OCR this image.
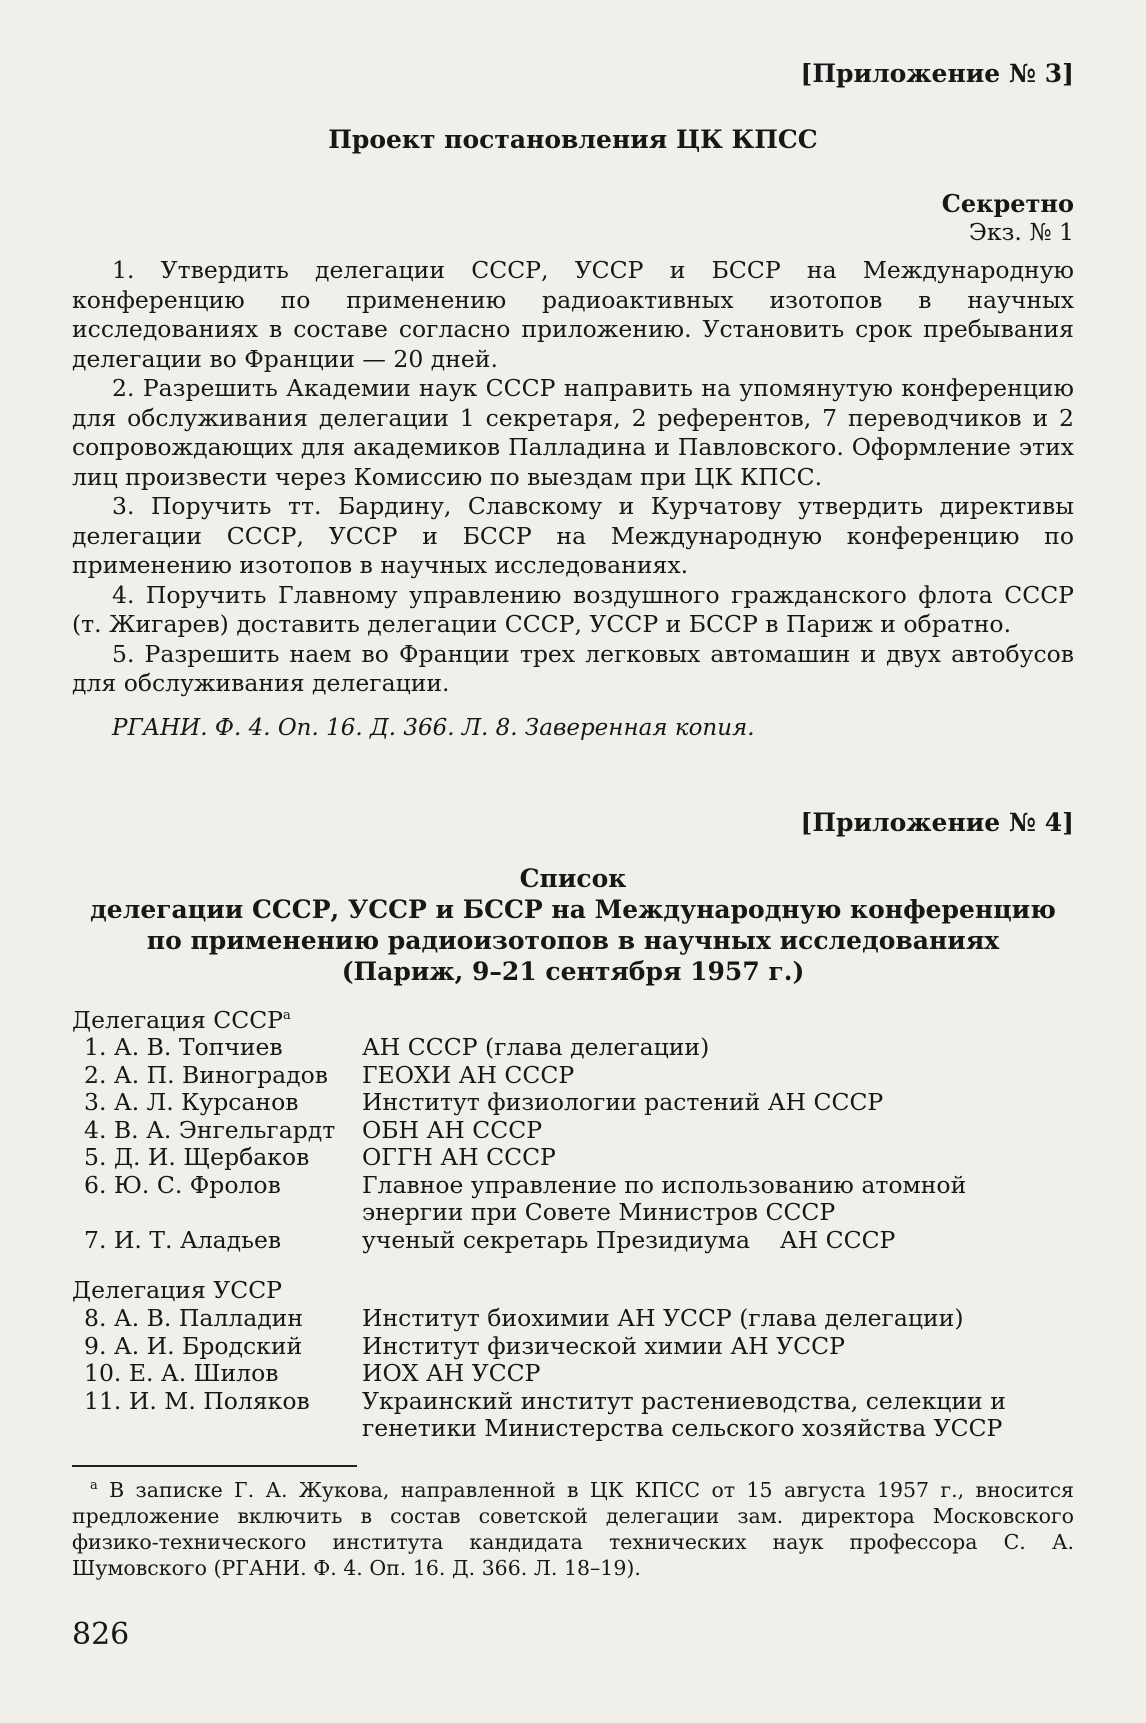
[Приложение № 3]
Проект постановления ЦК КПСС
Секретно
Экз. № 1

1. Утвердить делегации СССР, УССР и БССР на Международную конференцию по применению радиоактивных изотопов в научных исследованиях в составе согласно приложению. Установить срок пребывания делегации во Франции — 20 дней.

2. Разрешить Академии наук СССР направить на упомянутую конференцию для обслуживания делегации 1 секретаря, 2 референтов, 7 переводчиков и 2 сопровождающих для академиков Палладина и Павловского. Оформление этих лиц произвести через Комиссию по выездам при ЦК КПСС.

3. Поручить тт. Бардину, Славскому и Курчатову утвердить директивы делегации СССР, УССР и БССР на Международную конференцию по применению изотопов в научных исследованиях.

4. Поручить Главному управлению воздушного гражданского флота СССР (т. Жигарев) доставить делегации СССР, УССР и БССР в Париж и обратно.

5. Разрешить наем во Франции трех легковых автомашин и двух автобусов для обслуживания делегации.

РГАНИ. Ф. 4. Оп. 16. Д. 366. Л. 8. Заверенная копия.
[Приложение № 4]
Список
делегации СССР, УССР и БССР на Международную конференцию
по применению радиоизотопов в научных исследованиях
(Париж, 9–21 сентября 1957 г.)
Делегация $СССР^а$
1. А. В. Топчиев	АН СССР (глава делегации)
2. А. П. Виноградов	ГЕОХИ АН СССР
3. А. Л. Курсанов	Институт физиологии растений АН СССР
4. В. А. Энгельгардт	ОБН АН СССР
5. Д. И. Щербаков	ОГГН АН СССР
6. Ю. С. Фролов	Главное управление по использованию атомной энергии при Совете Министров СССР
7. И. Т. Аладьев	ученый секретарь Президиума    АН СССР
Делегация УССР
8. А. В. Палладин	Институт биохимии АН УССР (глава делегации)
9. А. И. Бродский	Институт физической химии АН УССР
10. Е. А. Шилов	ИОХ АН УССР
11. И. М. Поляков	Украинский институт растениеводства, селекции и генетики Министерства сельского хозяйства УССР
$^а$ В записке Г. А. Жукова, направленной в ЦК КПСС от 15 августа 1957 г., вносится предложение включить в состав советской делегации зам. директора Московского физико-технического института кандидата технических наук профессора С. А. Шумовского (РГАНИ. Ф. 4. Оп. 16. Д. 366. Л. 18–19).
826
